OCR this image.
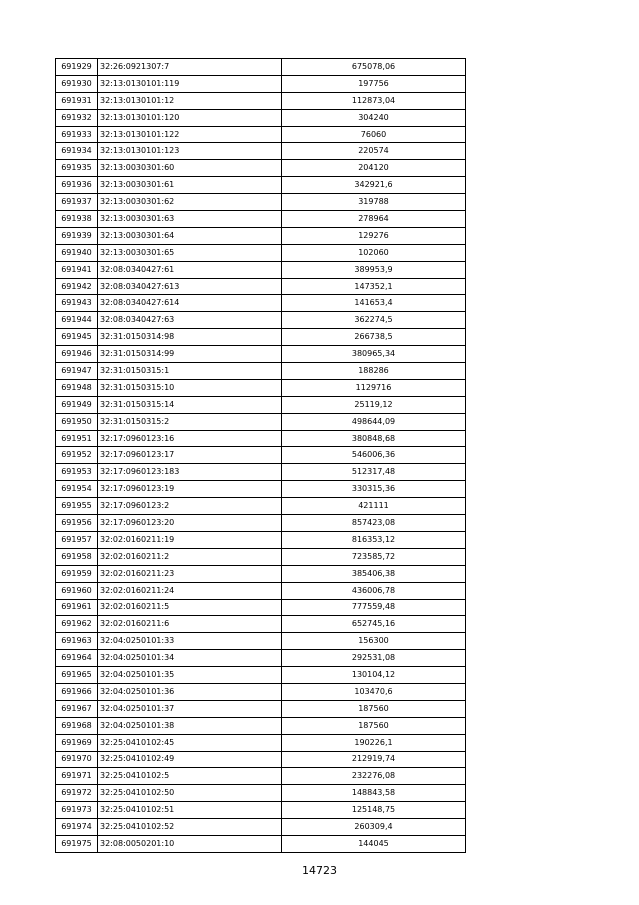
691929	32:26:0921307:7	675078,06
691930	32:13:0130101:119	197756
691931	32:13:0130101:12	112873,04
691932	32:13:0130101:120	304240
691933	32:13:0130101:122	76060
691934	32:13:0130101:123	220574
691935	32:13:0030301:60	204120
691936	32:13:0030301:61	342921,6
691937	32:13:0030301:62	319788
691938	32:13:0030301:63	278964
691939	32:13:0030301:64	129276
691940	32:13:0030301:65	102060
691941	32:08:0340427:61	389953,9
691942	32:08:0340427:613	147352,1
691943	32:08:0340427:614	141653,4
691944	32:08:0340427:63	362274,5
691945	32:31:0150314:98	266738,5
691946	32:31:0150314:99	380965,34
691947	32:31:0150315:1	188286
691948	32:31:0150315:10	1129716
691949	32:31:0150315:14	25119,12
691950	32:31:0150315:2	498644,09
691951	32:17:0960123:16	380848,68
691952	32:17:0960123:17	546006,36
691953	32:17:0960123:183	512317,48
691954	32:17:0960123:19	330315,36
691955	32:17:0960123:2	421111
691956	32:17:0960123:20	857423,08
691957	32:02:0160211:19	816353,12
691958	32:02:0160211:2	723585,72
691959	32:02:0160211:23	385406,38
691960	32:02:0160211:24	436006,78
691961	32:02:0160211:5	777559,48
691962	32:02:0160211:6	652745,16
691963	32:04:0250101:33	156300
691964	32:04:0250101:34	292531,08
691965	32:04:0250101:35	130104,12
691966	32:04:0250101:36	103470,6
691967	32:04:0250101:37	187560
691968	32:04:0250101:38	187560
691969	32:25:0410102:45	190226,1
691970	32:25:0410102:49	212919,74
691971	32:25:0410102:5	232276,08
691972	32:25:0410102:50	148843,58
691973	32:25:0410102:51	125148,75
691974	32:25:0410102:52	260309,4
691975	32:08:0050201:10	144045
14723
